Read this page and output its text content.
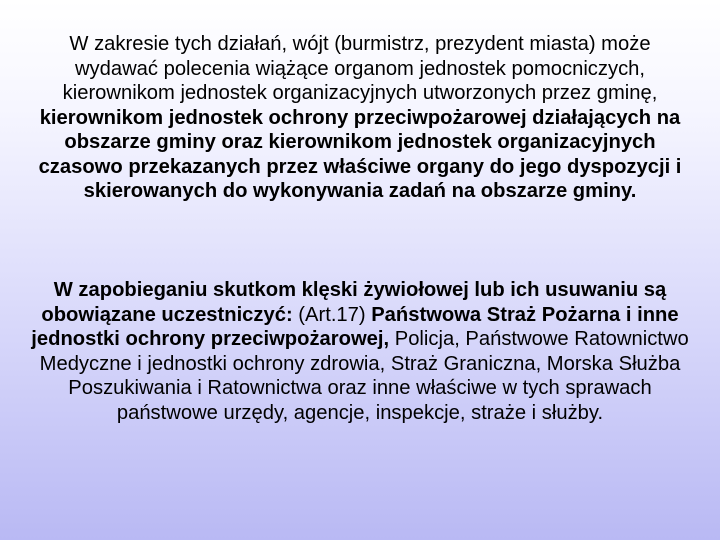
W zakresie tych działań, wójt (burmistrz, prezydent miasta) może wydawać polecenia wiążące organom jednostek pomocniczych, kierownikom jednostek organizacyjnych utworzonych przez gminę, kierownikom jednostek ochrony przeciwpożarowej działających na obszarze gminy oraz kierownikom jednostek organizacyjnych czasowo przekazanych przez właściwe organy do jego dyspozycji i skierowanych do wykonywania zadań na obszarze gminy.

W zapobieganiu skutkom klęski żywiołowej lub ich usuwaniu są obowiązane uczestniczyć: (Art.17) Państwowa Straż Pożarna i inne jednostki ochrony przeciwpożarowej, Policja, Państwowe Ratownictwo Medyczne i jednostki ochrony zdrowia, Straż Graniczna, Morska Służba Poszukiwania i Ratownictwa oraz inne właściwe w tych sprawach państwowe urzędy, agencje, inspekcje, straże i służby.
